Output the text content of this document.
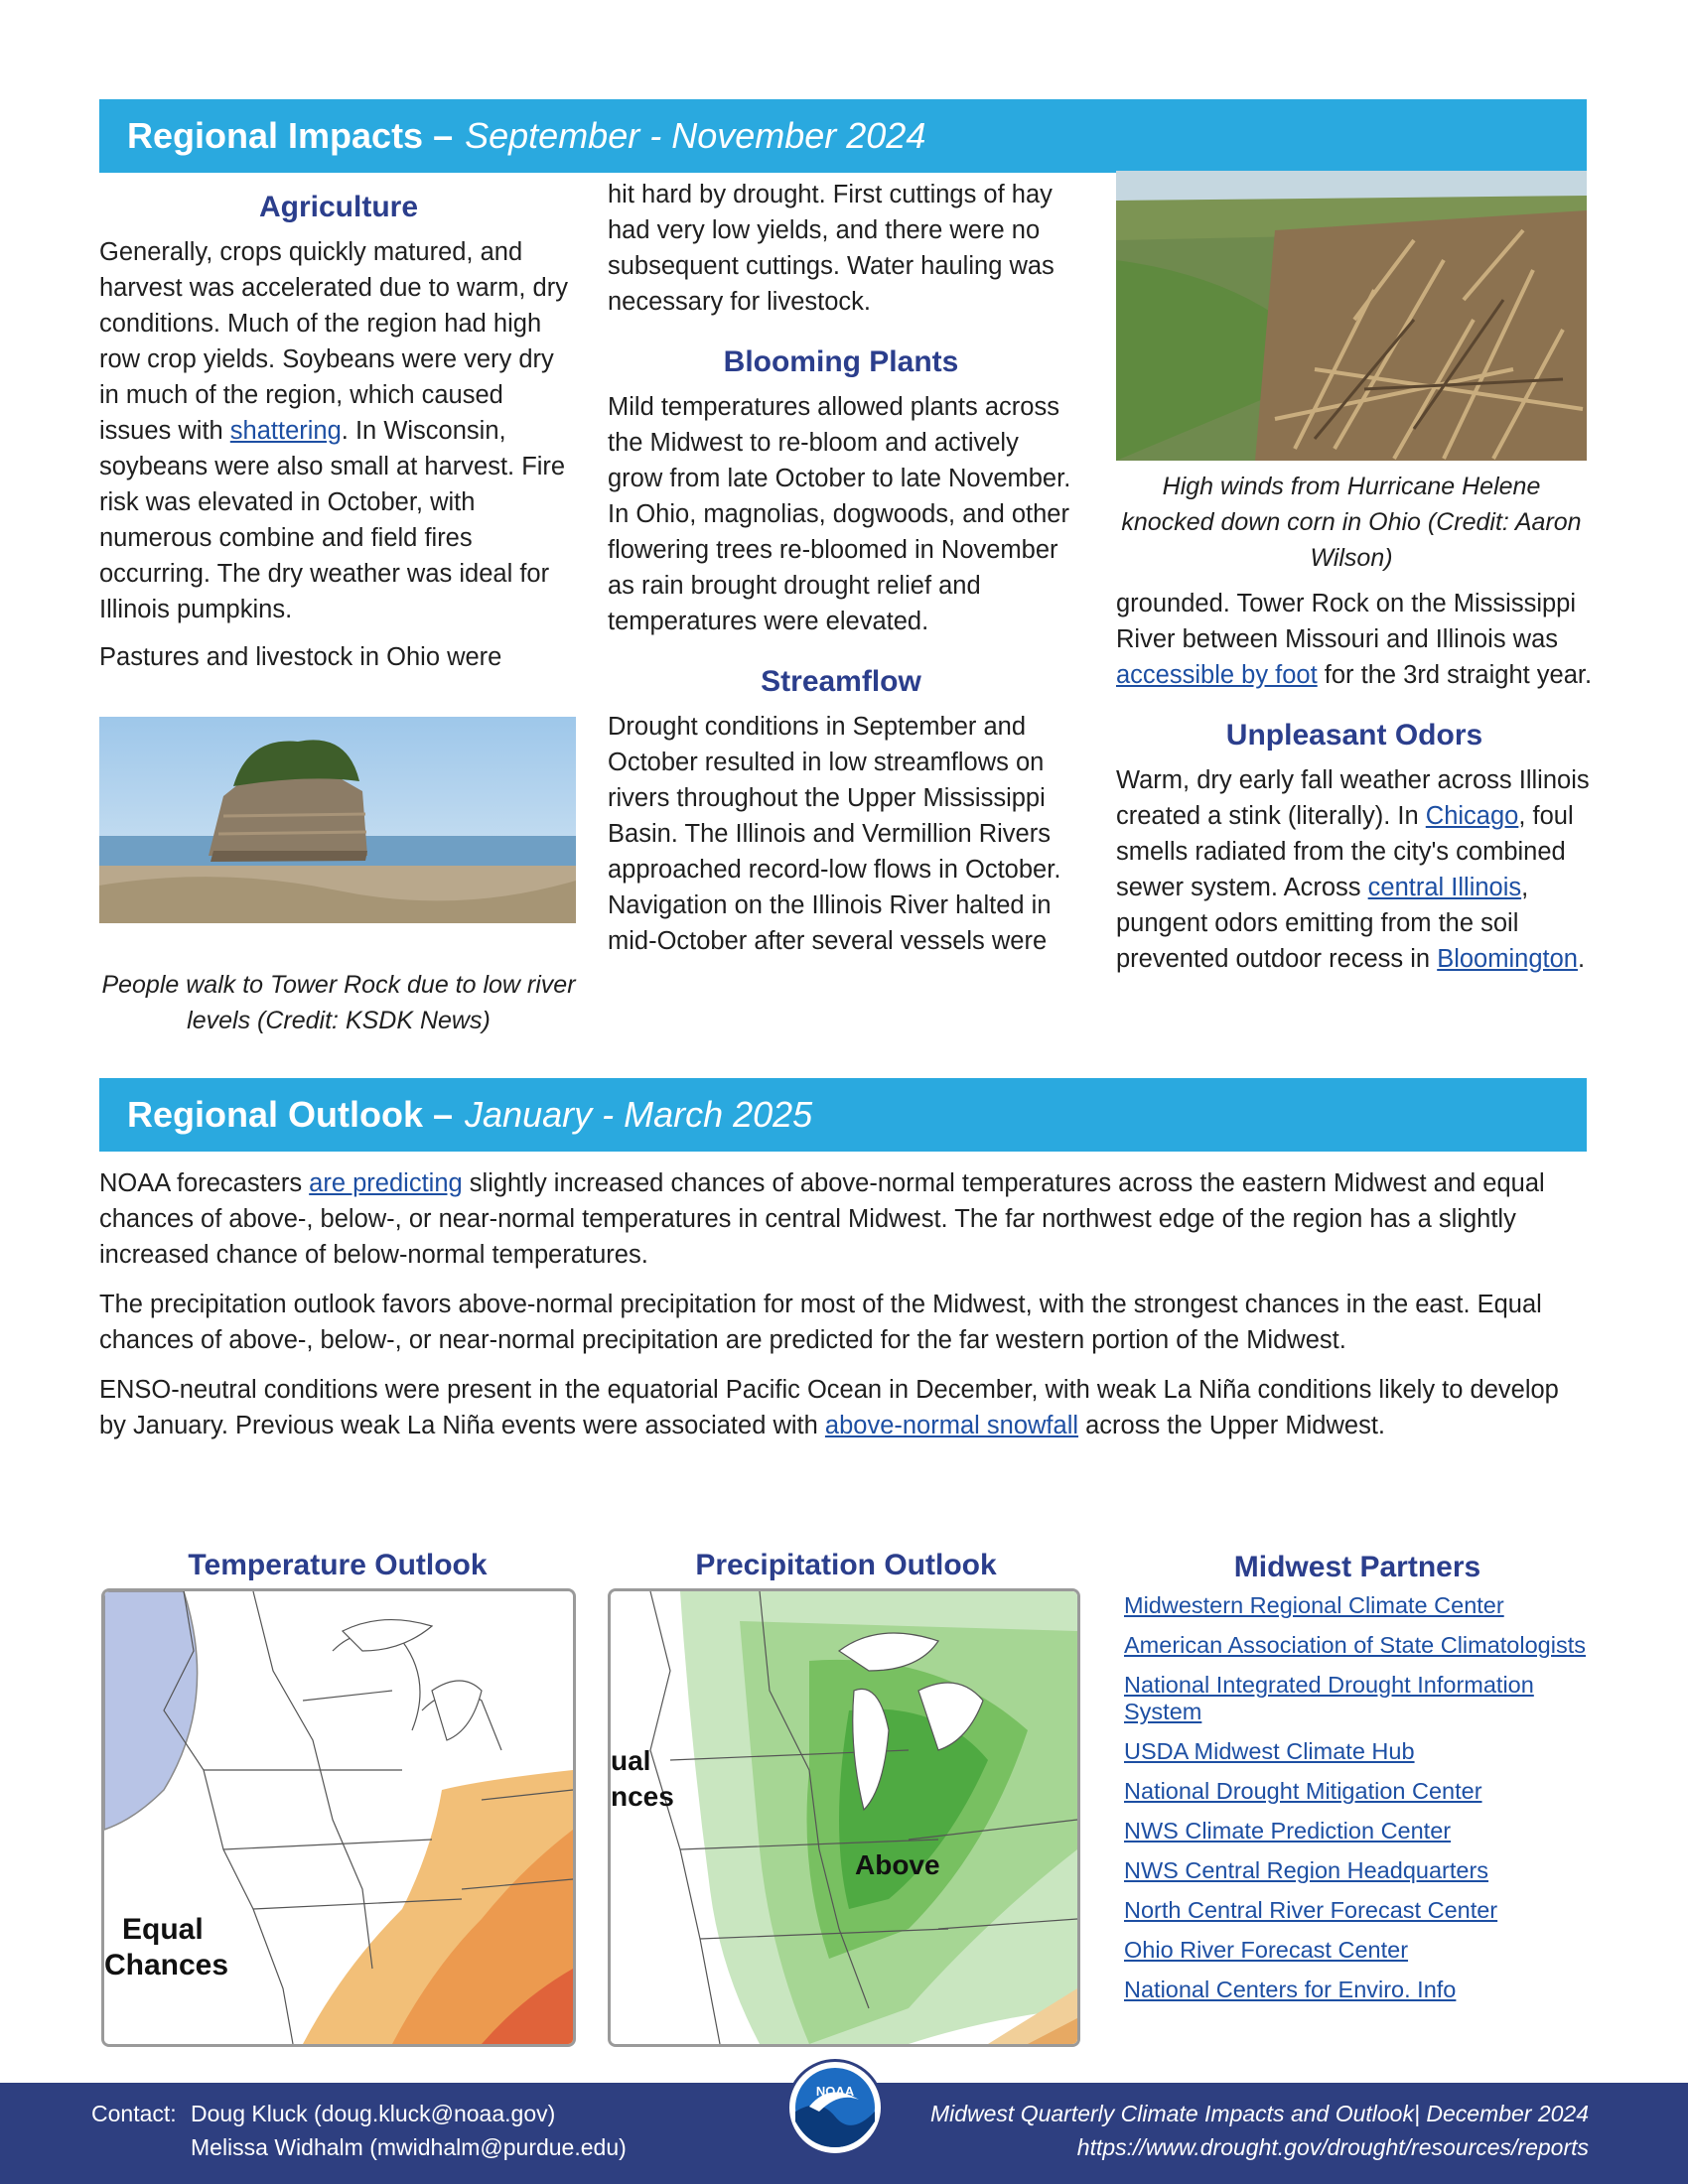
Regional Impacts – September - November 2024
Agriculture

Generally, crops quickly matured, and harvest was accelerated due to warm, dry conditions. Much of the region had high row crop yields. Soybeans were very dry in much of the region, which caused issues with shattering. In Wisconsin, soybeans were also small at harvest. Fire risk was elevated in October, with numerous combine and field fires occurring. The dry weather was ideal for Illinois pumpkins.

Pastures and livestock in Ohio were

People walk to Tower Rock due to low river levels (Credit: KSDK News)

hit hard by drought. First cuttings of hay had very low yields, and there were no subsequent cuttings. Water hauling was necessary for livestock.

Blooming Plants

Mild temperatures allowed plants across the Midwest to re-bloom and actively grow from late October to late November. In Ohio, magnolias, dogwoods, and other flowering trees re-bloomed in November as rain brought drought relief and temperatures were elevated.

Streamflow

Drought conditions in September and October resulted in low streamflows on rivers throughout the Upper Mississippi Basin. The Illinois and Vermillion Rivers approached record-low flows in October. Navigation on the Illinois River halted in mid-October after several vessels were

High winds from Hurricane Helene knocked down corn in Ohio (Credit: Aaron Wilson)

grounded. Tower Rock on the Mississippi River between Missouri and Illinois was accessible by foot for the 3rd straight year.

Unpleasant Odors

Warm, dry early fall weather across Illinois created a stink (literally). In Chicago, foul smells radiated from the city's combined sewer system. Across central Illinois, pungent odors emitting from the soil prevented outdoor recess in Bloomington.

Regional Outlook – January - March 2025

NOAA forecasters are predicting slightly increased chances of above-normal temperatures across the eastern Midwest and equal chances of above-, below-, or near-normal temperatures in central Midwest. The far northwest edge of the region has a slightly increased chance of below-normal temperatures.

The precipitation outlook favors above-normal precipitation for most of the Midwest, with the strongest chances in the east. Equal chances of above-, below-, or near-normal precipitation are predicted for the far western portion of the Midwest.

ENSO-neutral conditions were present in the equatorial Pacific Ocean in December, with weak La Niña conditions likely to develop by January. Previous weak La Niña events were associated with above-normal snowfall across the Upper Midwest.

Temperature Outlook
Equal
Chances
Precipitation Outlook
ual
nces
Above
Midwest Partners
Midwestern Regional Climate Center
American Association of State Climatologists
National Integrated Drought Information System
USDA Midwest Climate Hub
National Drought Mitigation Center
NWS Climate Prediction Center
NWS Central Region Headquarters
North Central River Forecast Center
Ohio River Forecast Center
National Centers for Enviro. Info
Contact: Doug Kluck (doug.kluck@noaa.gov)
Melissa Widhalm (mwidhalm@purdue.edu)
Midwest Quarterly Climate Impacts and Outlook| December 2024
https://www.drought.gov/drought/resources/reports
NOAA
